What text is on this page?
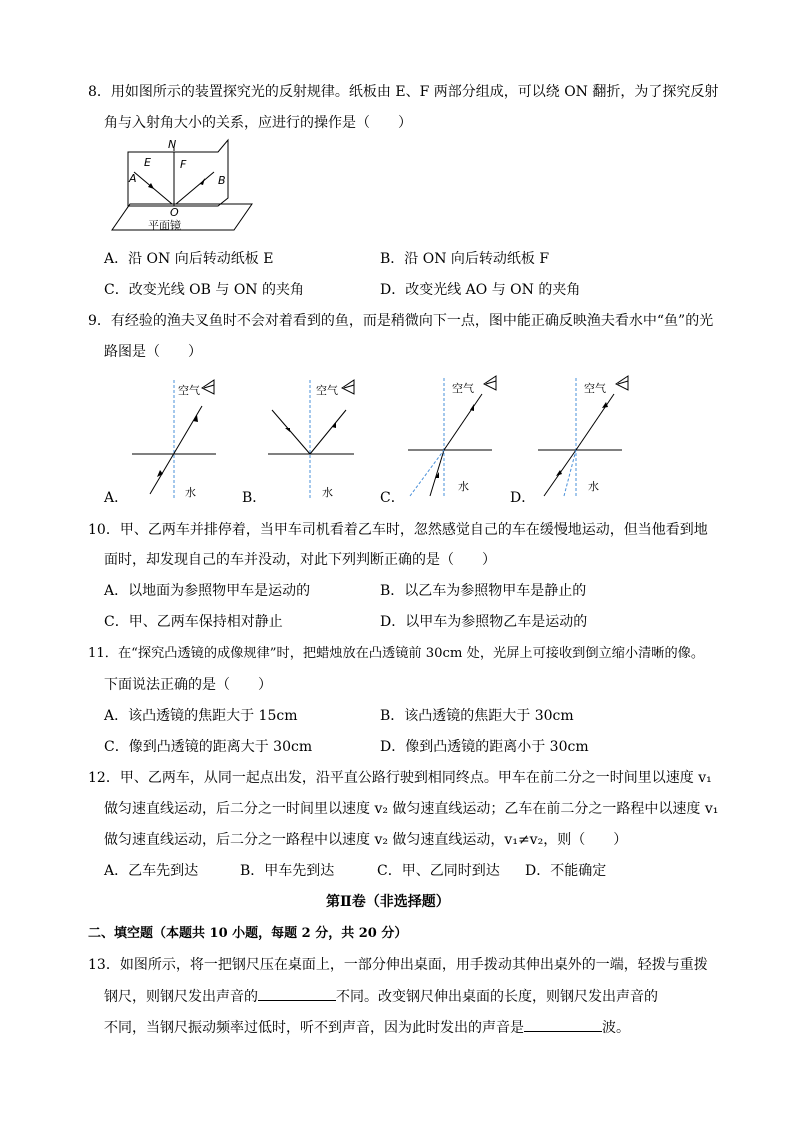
8．用如图所示的装置探究光的反射规律。纸板由 E、F 两部分组成，可以绕 ON 翻折，为了探究反射
角与入射角大小的关系，应进行的操作是（　　）
N
E	F
A	B
O
平面镜
A．沿 ON 向后转动纸板 E	B．沿 ON 向后转动纸板 F
C．改变光线 OB 与 ON 的夹角	D．改变光线 AO 与 ON 的夹角
9．有经验的渔夫叉鱼时不会对着看到的鱼，而是稍微向下一点，图中能正确反映渔夫看水中“鱼”的光
路图是（　　）
A．
空气
水	B．
空气
水	C．
空气
水
D．
空气
水
10．甲、乙两车并排停着，当甲车司机看着乙车时，忽然感觉自己的车在缓慢地运动，但当他看到地
面时，却发现自己的车并没动，对此下列判断正确的是（　　）
A．以地面为参照物甲车是运动的	B．以乙车为参照物甲车是静止的
C．甲、乙两车保持相对静止	D．以甲车为参照物乙车是运动的
11．在“探究凸透镜的成像规律”时，把蜡烛放在凸透镜前 30cm 处，光屏上可接收到倒立缩小清晰的像。
下面说法正确的是（　　）
A．该凸透镜的焦距大于 15cm	B．该凸透镜的焦距大于 30cm
C．像到凸透镜的距离大于 30cm	D．像到凸透镜的距离小于 30cm
12．甲、乙两车，从同一起点出发，沿平直公路行驶到相同终点。甲车在前二分之一时间里以速度 v₁
做匀速直线运动，后二分之一时间里以速度 v₂ 做匀速直线运动；乙车在前二分之一路程中以速度 v₁
做匀速直线运动，后二分之一路程中以速度 v₂ 做匀速直线运动，v₁≠v₂，则（　　）
A．乙车先到达	B．甲车先到达	C．甲、乙同时到达 D．不能确定
第Ⅱ卷（非选择题）
二、填空题（本题共 10 小题，每题 2 分，共 20 分）
13．如图所示，将一把钢尺压在桌面上，一部分伸出桌面，用手拨动其伸出桌外的一端，轻拨与重拨
钢尺，则钢尺发出声音的	不同。改变钢尺伸出桌面的长度，则钢尺发出声音的
不同，当钢尺振动频率过低时，听不到声音，因为此时发出的声音是	波。
